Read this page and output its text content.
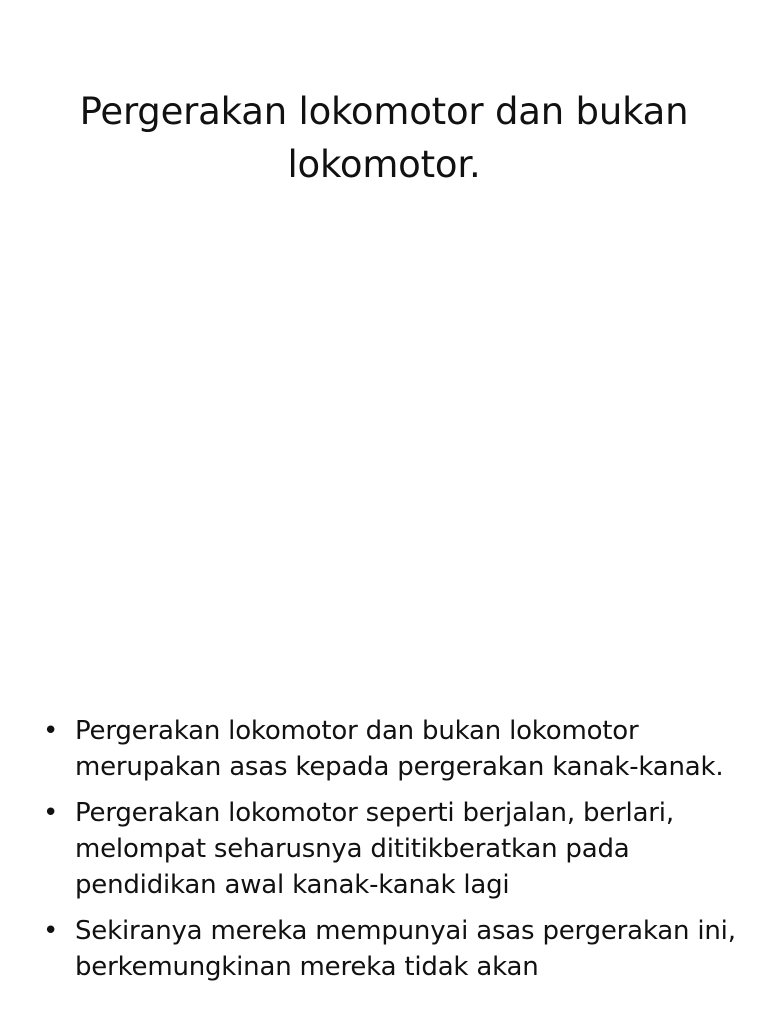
Pergerakan lokomotor dan bukan lokomotor.
• Pergerakan lokomotor dan bukan lokomotor merupakan asas kepada pergerakan kanak-kanak.
• Pergerakan lokomotor seperti berjalan, berlari, melompat seharusnya dititikberatkan pada pendidikan awal kanak-kanak lagi
• Sekiranya mereka mempunyai asas pergerakan ini, berkemungkinan mereka tidak akan
